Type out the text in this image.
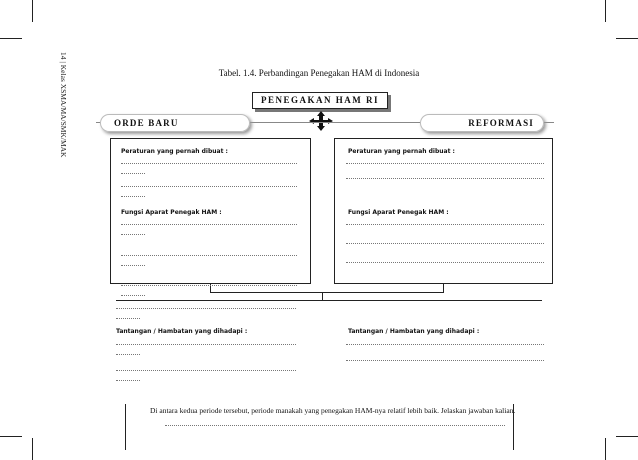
14 | Kelas XSMA/MA/SMK/MAK	Tabel. 1.4. Perbandingan Penegakan HAM di Indonesia
PENEGAKAN HAM RI
ORDE BARU	REFORMASI
Peraturan yang pernah dibuat :
Fungsi Aparat Penegak HAM :
Tantangan / Hambatan yang dihadapi :
Peraturan yang pernah dibuat :
Fungsi Aparat Penegak HAM :
Tantangan / Hambatan yang dihadapi :
Di antara kedua periode tersebut, periode manakah yang penegakan HAM-nya relatif lebih baik. Jelaskan jawaban kalian.
